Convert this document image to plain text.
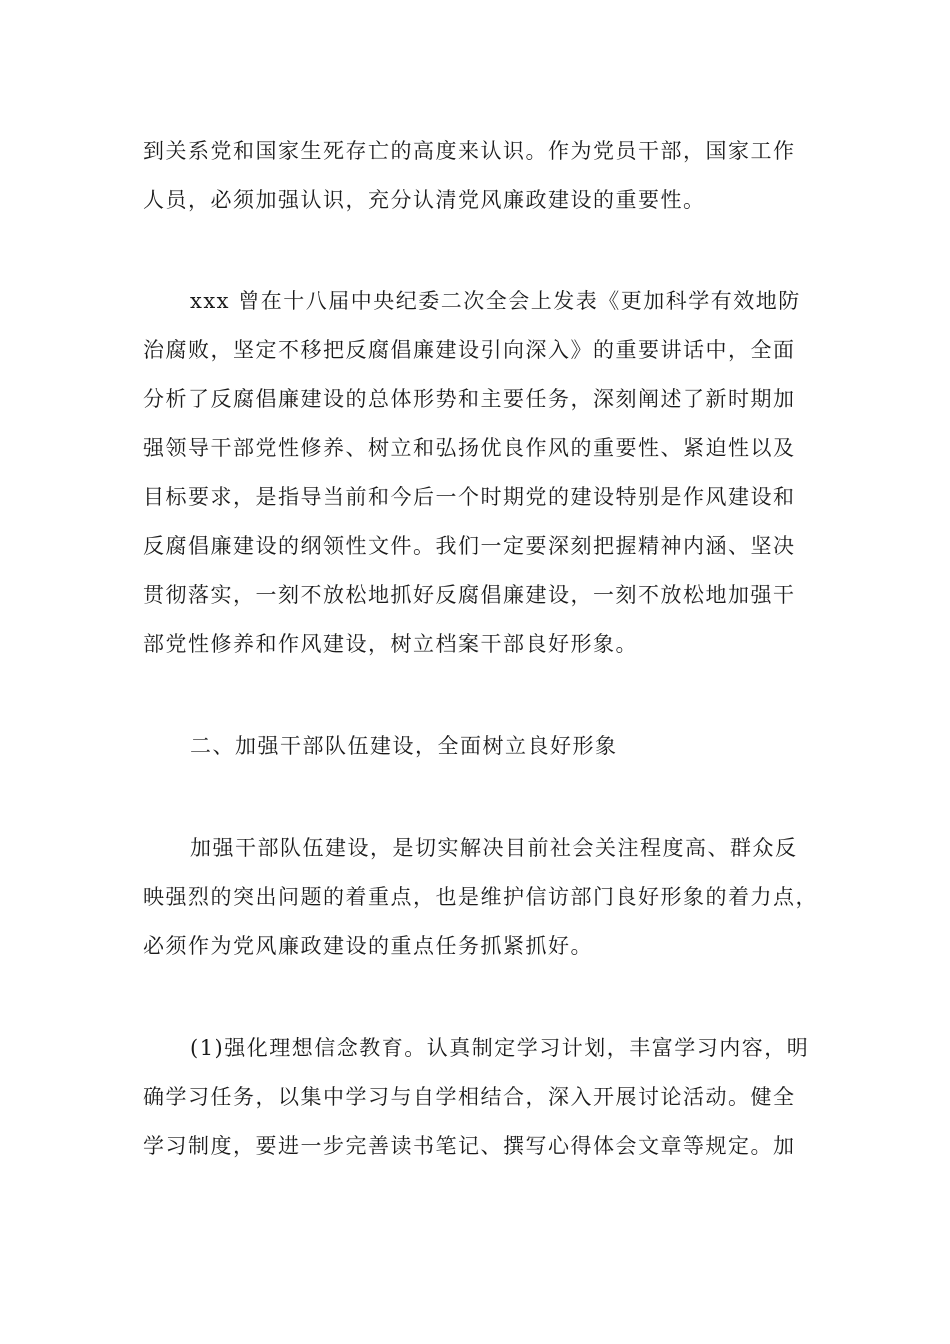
到关系党和国家生死存亡的高度来认识。作为党员干部，国家工作
人员，必须加强认识，充分认清党风廉政建设的重要性。
xxx 曾在十八届中央纪委二次全会上发表《更加科学有效地防
治腐败，坚定不移把反腐倡廉建设引向深入》的重要讲话中，全面
分析了反腐倡廉建设的总体形势和主要任务，深刻阐述了新时期加
强领导干部党性修养、树立和弘扬优良作风的重要性、紧迫性以及
目标要求，是指导当前和今后一个时期党的建设特别是作风建设和
反腐倡廉建设的纲领性文件。我们一定要深刻把握精神内涵、坚决
贯彻落实，一刻不放松地抓好反腐倡廉建设，一刻不放松地加强干
部党性修养和作风建设，树立档案干部良好形象。
二、加强干部队伍建设，全面树立良好形象
加强干部队伍建设，是切实解决目前社会关注程度高、群众反
映强烈的突出问题的着重点，也是维护信访部门良好形象的着力点，
必须作为党风廉政建设的重点任务抓紧抓好。
(1)强化理想信念教育。认真制定学习计划，丰富学习内容，明
确学习任务，以集中学习与自学相结合，深入开展讨论活动。健全
学习制度，要进一步完善读书笔记、撰写心得体会文章等规定。加
